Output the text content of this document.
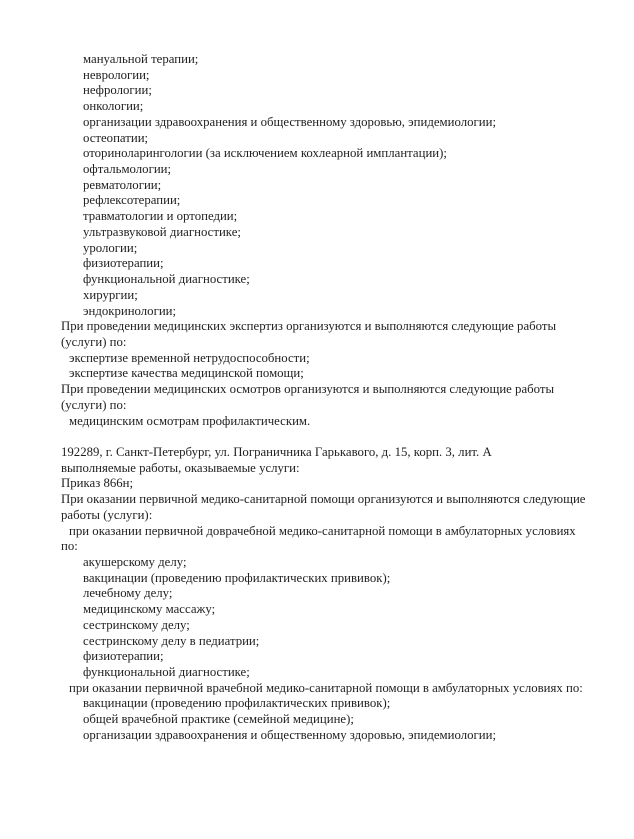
мануальной терапии;
неврологии;
нефрологии;
онкологии;
организации здравоохранения и общественному здоровью, эпидемиологии;
остеопатии;
оториноларингологии (за исключением кохлеарной имплантации);
офтальмологии;
ревматологии;
рефлексотерапии;
травматологии и ортопедии;
ультразвуковой диагностике;
урологии;
физиотерапии;
функциональной диагностике;
хирургии;
эндокринологии;
При проведении медицинских экспертиз организуются и выполняются следующие работы
(услуги) по:
экспертизе временной нетрудоспособности;
экспертизе качества медицинской помощи;
При проведении медицинских осмотров организуются и выполняются следующие работы
(услуги) по:
медицинским осмотрам профилактическим.

192289, г. Санкт-Петербург, ул. Пограничника Гарькавого, д. 15, корп. 3, лит. А
выполняемые работы, оказываемые услуги:
Приказ 866н;
При оказании первичной медико-санитарной помощи организуются и выполняются следующие
работы (услуги):
при оказании первичной доврачебной медико-санитарной помощи в амбулаторных условиях
по:
акушерскому делу;
вакцинации (проведению профилактических прививок);
лечебному делу;
медицинскому массажу;
сестринскому делу;
сестринскому делу в педиатрии;
физиотерапии;
функциональной диагностике;
при оказании первичной врачебной медико-санитарной помощи в амбулаторных условиях по:
вакцинации (проведению профилактических прививок);
общей врачебной практике (семейной медицине);
организации здравоохранения и общественному здоровью, эпидемиологии;
